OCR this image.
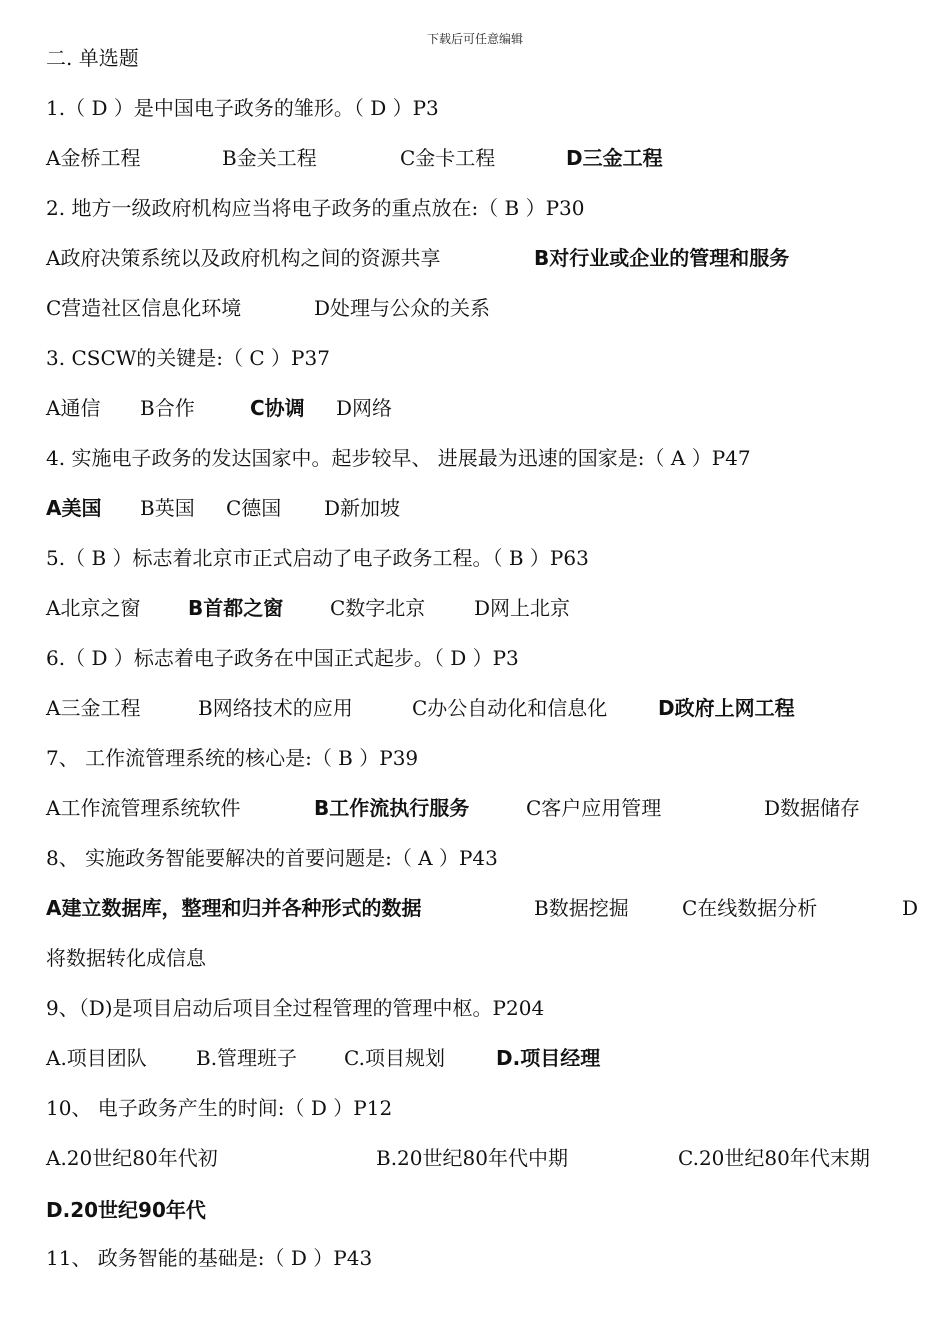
下载后可任意编辑
二. 单选题
1.（ D ）是中国电子政务的雏形。（ D ）P3
A金桥工程	B金关工程	C金卡工程	D三金工程
2. 地方一级政府机构应当将电子政务的重点放在:（ B ）P30
A政府决策系统以及政府机构之间的资源共享	B对行业或企业的管理和服务
C营造社区信息化环境	D处理与公众的关系
3. CSCW的关键是:（ C ）P37
A通信 B合作	C协调 D网络
4. 实施电子政务的发达国家中。起步较早、 进展最为迅速的国家是:（ A ）P47
A美国 B英国 C德国 D新加坡
5.（ B ）标志着北京市正式启动了电子政务工程。（ B ）P63
A北京之窗 B首都之窗 C数字北京 D网上北京
6.（ D ）标志着电子政务在中国正式起步。（ D ）P3
A三金工程	B网络技术的应用	C办公自动化和信息化	D政府上网工程
7、 工作流管理系统的核心是:（ B ）P39
A工作流管理系统软件	B工作流执行服务	C客户应用管理	D数据储存
8、 实施政务智能要解决的首要问题是:（ A ）P43
A建立数据库，整理和归并各种形式的数据	B数据挖掘	C在线数据分析	D
将数据转化成信息
9、（D)是项目启动后项目全过程管理的管理中枢。P204
A.项目团队 B.管理班子 C.项目规划	D.项目经理
10、 电子政务产生的时间:（ D ）P12
A.20世纪80年代初	B.20世纪80年代中期	C.20世纪80年代末期
D.20世纪90年代
11、 政务智能的基础是:（ D ）P43
